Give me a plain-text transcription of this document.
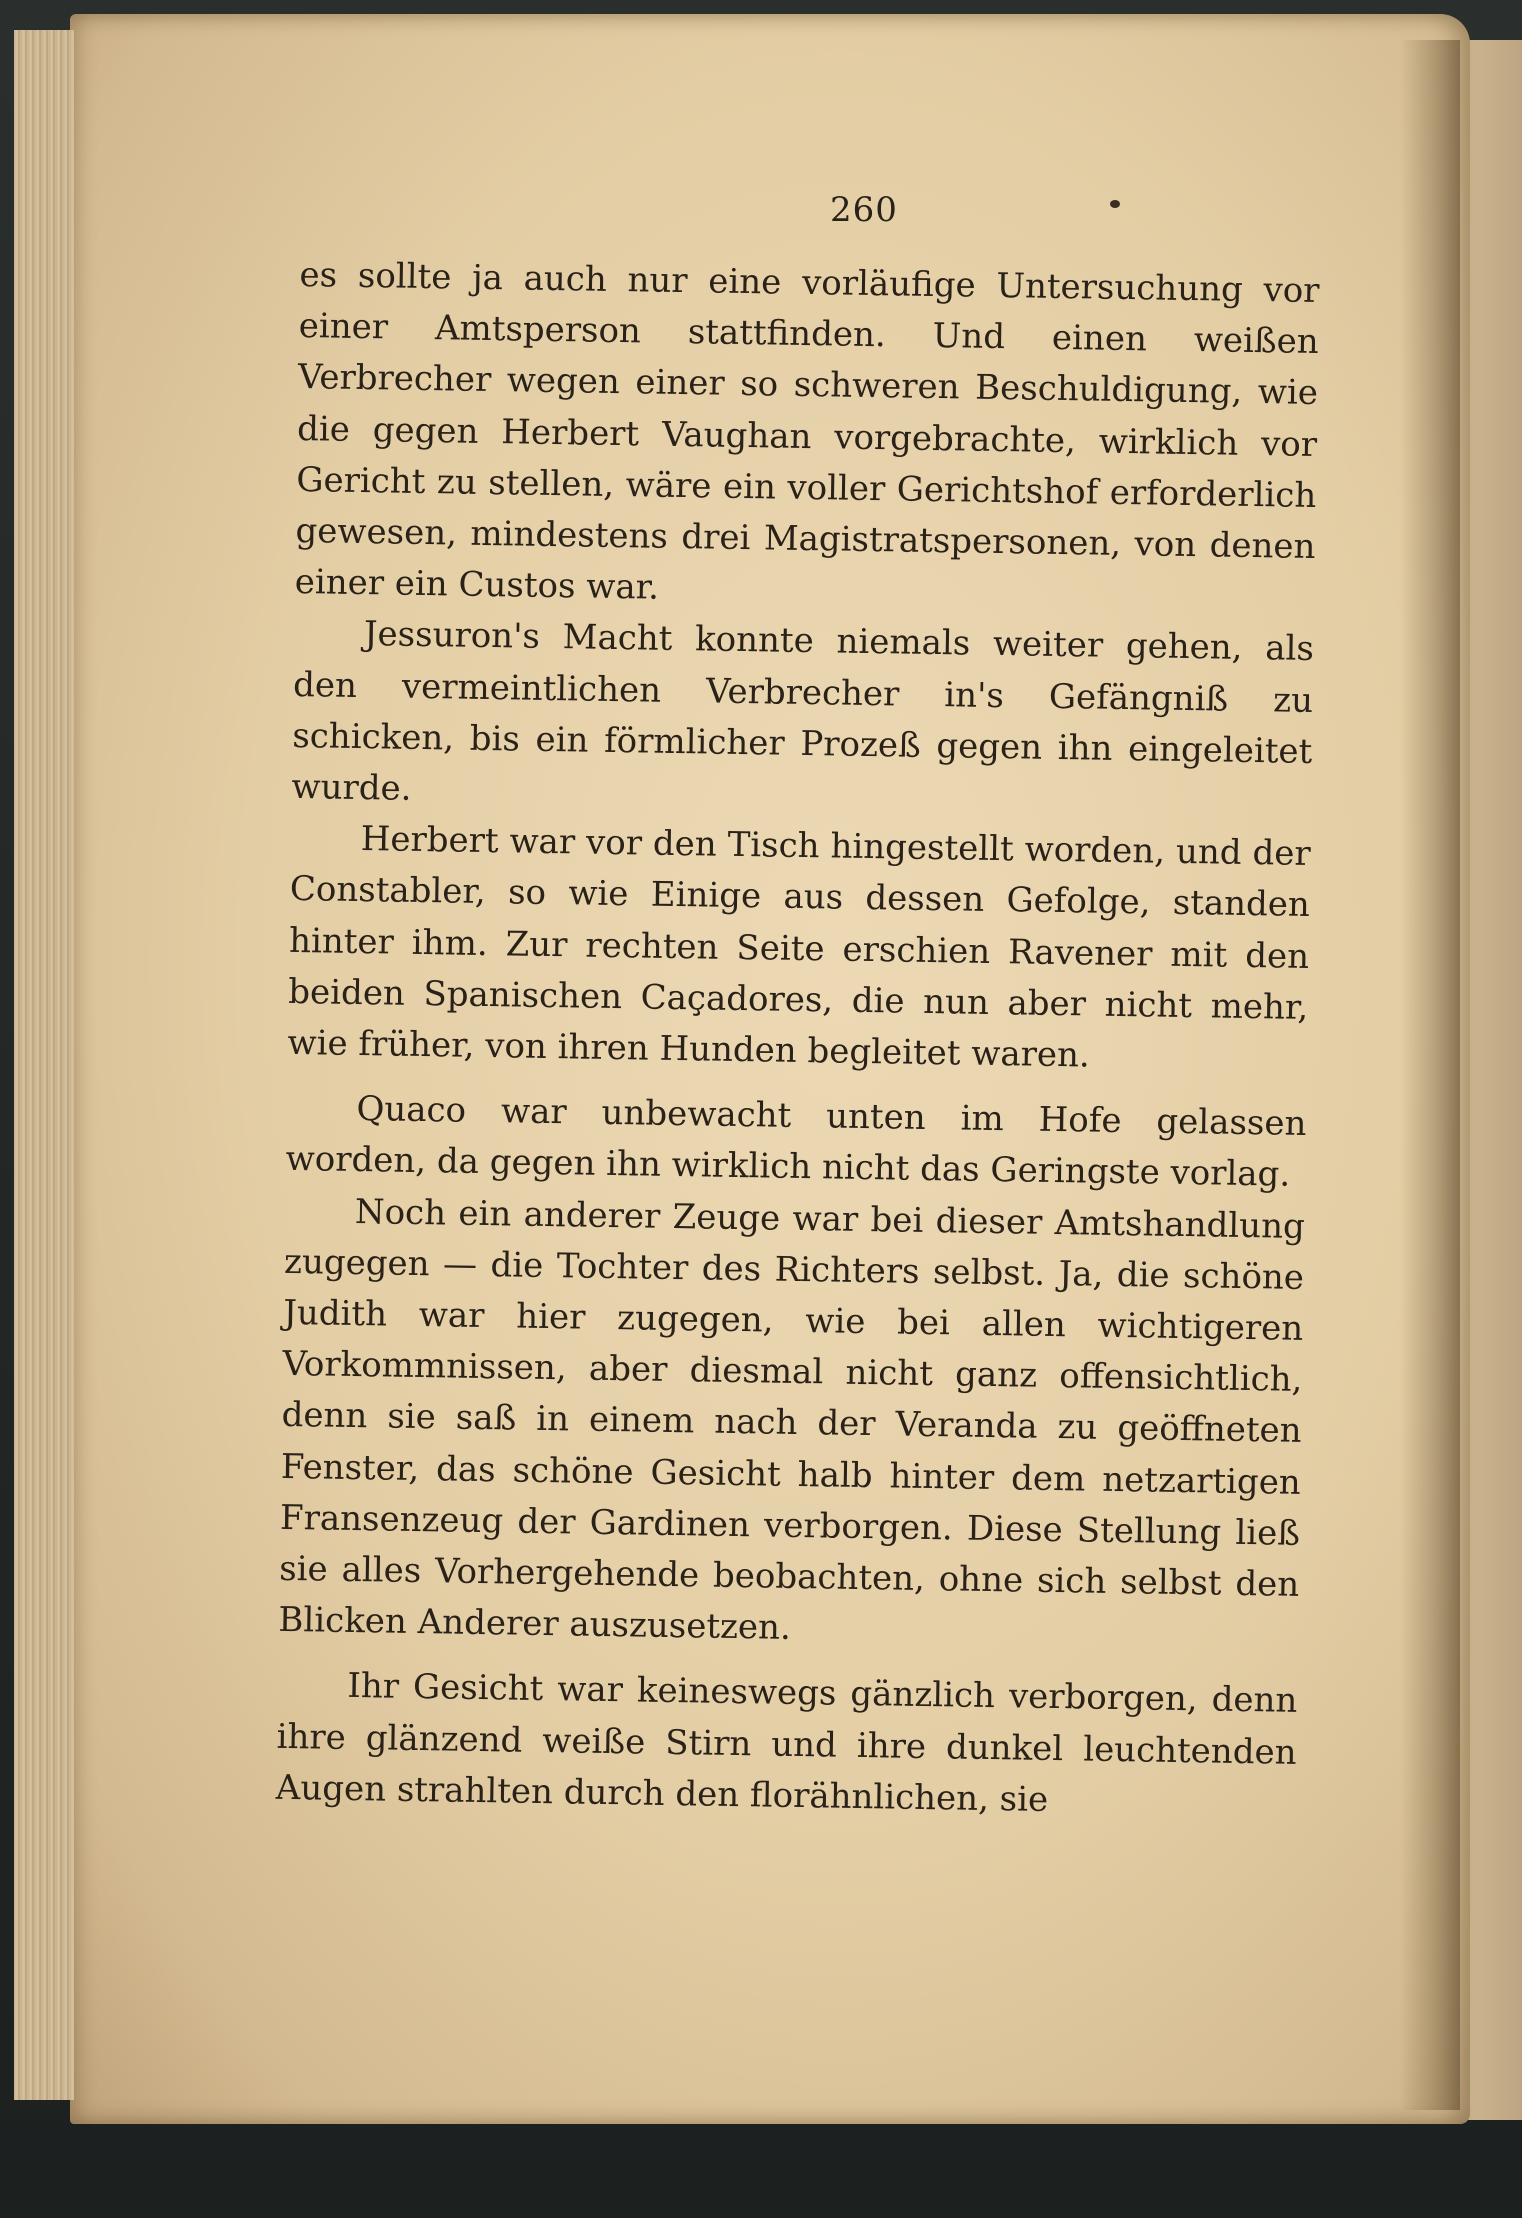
260

es sollte ja auch nur eine vorläufige Untersuchung vor einer Amtsperson stattfinden. Und einen weißen Verbrecher wegen einer so schweren Beschuldigung, wie die gegen Herbert Vaughan vorgebrachte, wirklich vor Gericht zu stellen, wäre ein voller Gerichtshof erforderlich gewesen, mindestens drei Magistratspersonen, von denen einer ein Custos war.

Jessuron's Macht konnte niemals weiter gehen, als den vermeintlichen Verbrecher in's Gefängniß zu schicken, bis ein förmlicher Prozeß gegen ihn eingeleitet wurde.

Herbert war vor den Tisch hingestellt worden, und der Constabler, so wie Einige aus dessen Gefolge, standen hinter ihm. Zur rechten Seite erschien Ravener mit den beiden Spanischen Caçadores, die nun aber nicht mehr, wie früher, von ihren Hunden begleitet waren.

Quaco war unbewacht unten im Hofe gelassen worden, da gegen ihn wirklich nicht das Geringste vorlag.

Noch ein anderer Zeuge war bei dieser Amtshandlung zugegen — die Tochter des Richters selbst. Ja, die schöne Judith war hier zugegen, wie bei allen wichtigeren Vorkommnissen, aber diesmal nicht ganz offensichtlich, denn sie saß in einem nach der Veranda zu geöffneten Fenster, das schöne Gesicht halb hinter dem netzartigen Fransenzeug der Gardinen verborgen. Diese Stellung ließ sie alles Vorhergehende beobachten, ohne sich selbst den Blicken Anderer auszusetzen.

Ihr Gesicht war keineswegs gänzlich verborgen, denn ihre glänzend weiße Stirn und ihre dunkel leuchtenden Augen strahlten durch den florähnlichen, sie
